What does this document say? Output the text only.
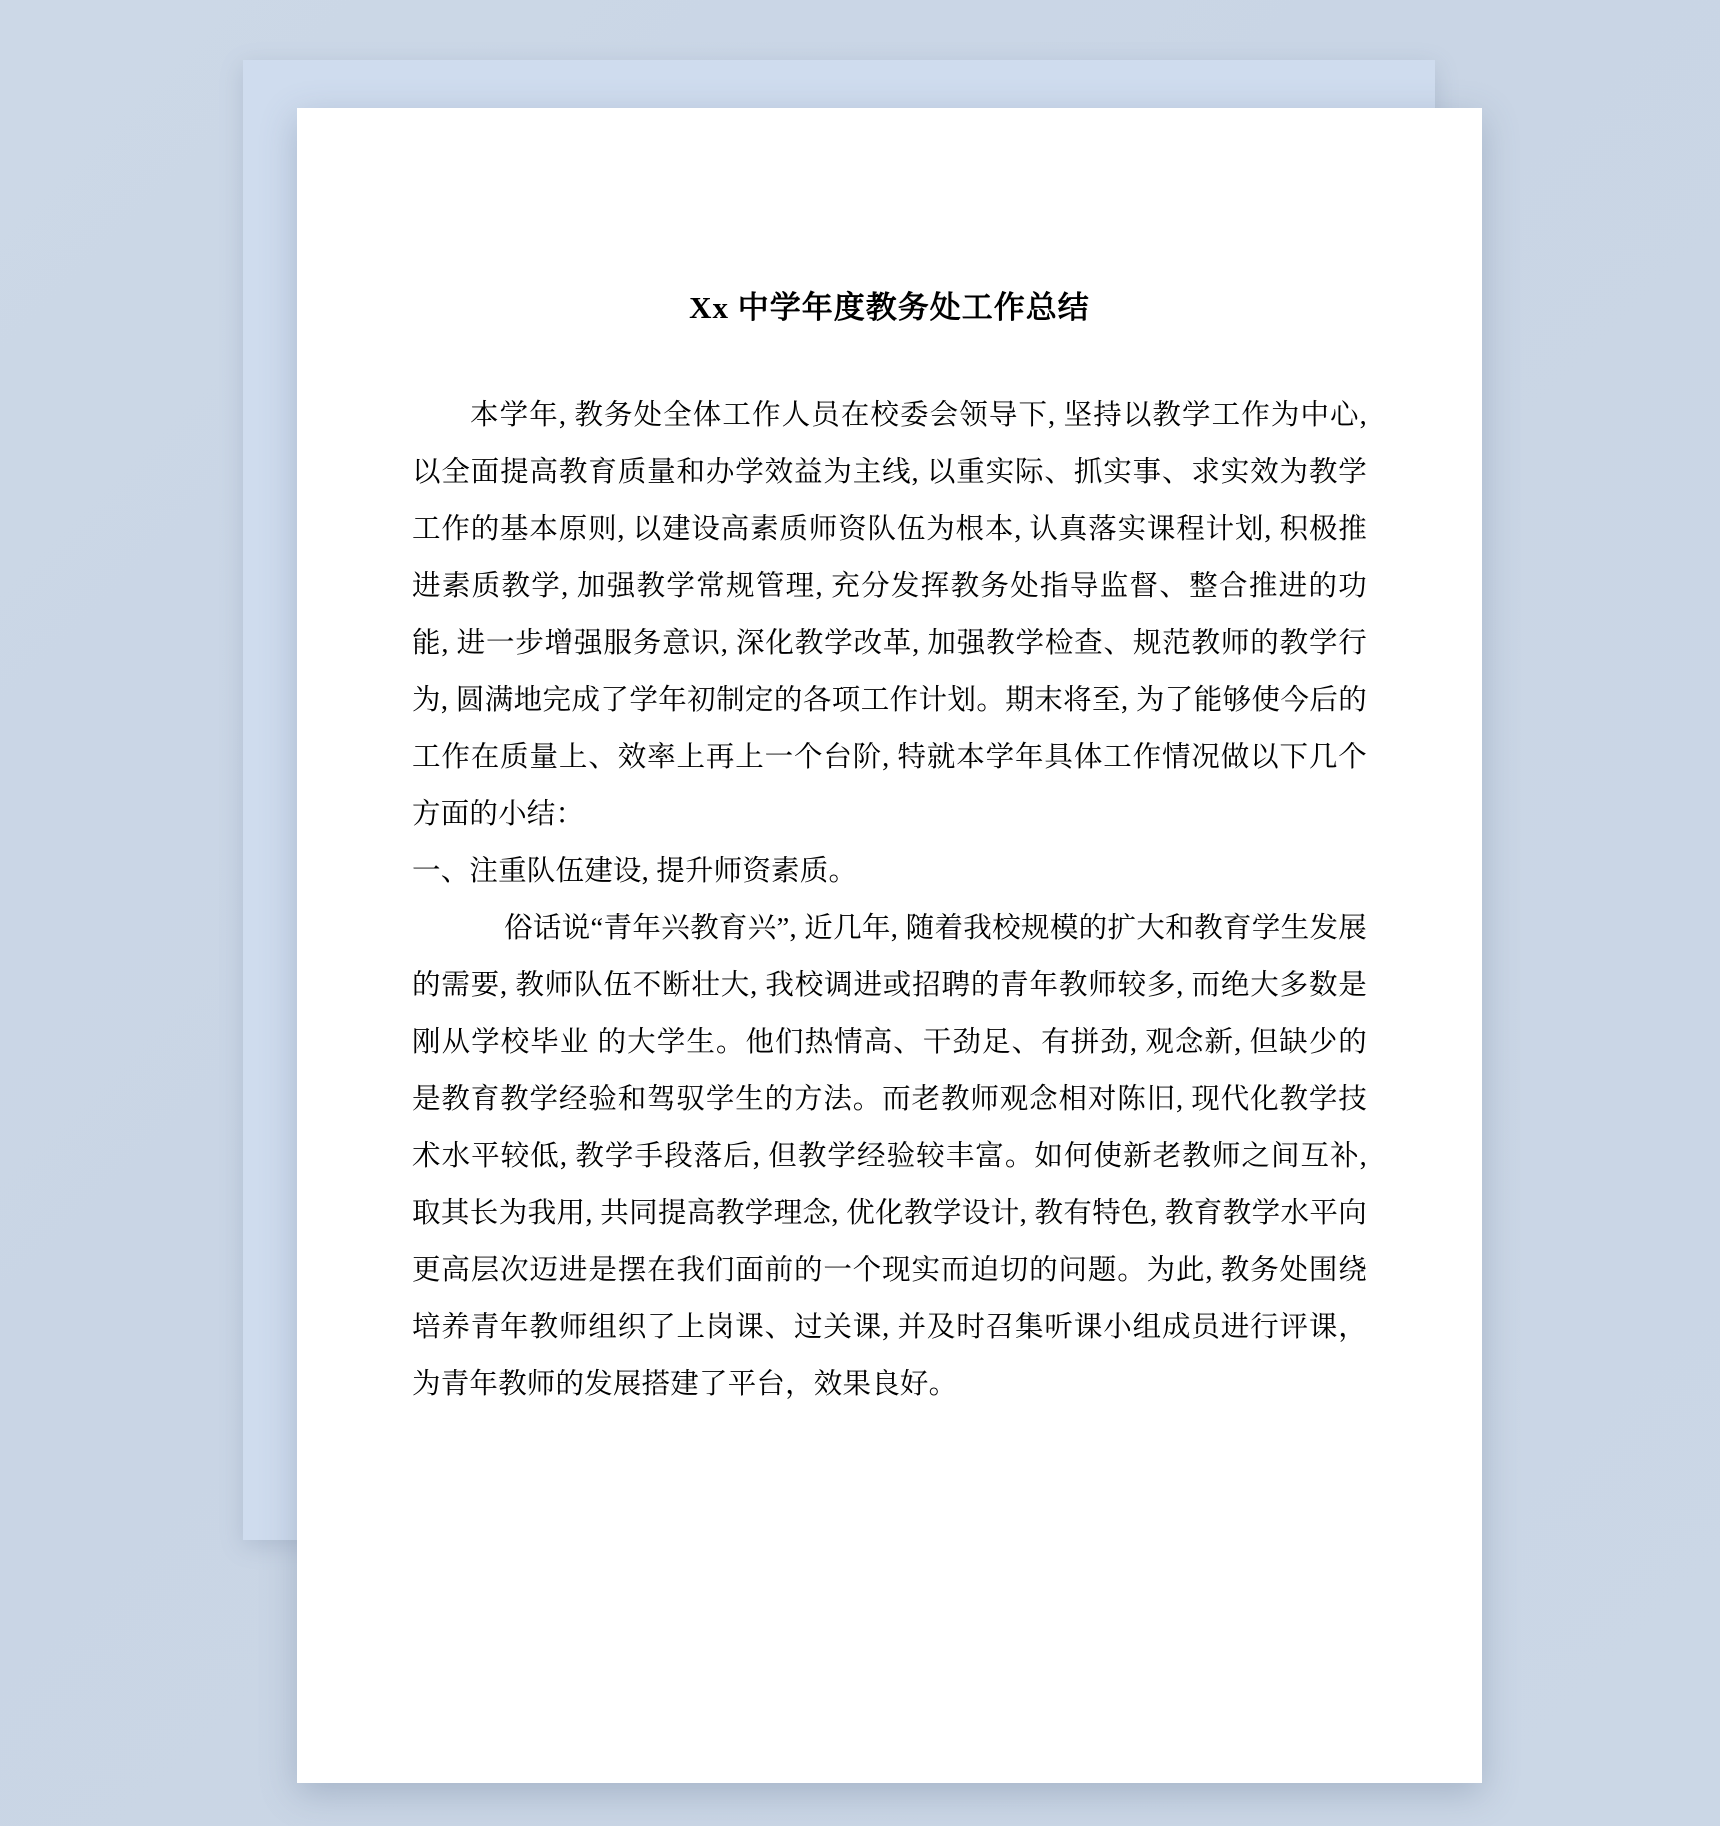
Xx 中学年度教务处工作总结

本学年, 教务处全体工作人员在校委会领导下, 坚持以教学工作为中心, 以全面提高教育质量和办学效益为主线, 以重实际、抓实事、求实效为教学工作的基本原则, 以建设高素质师资队伍为根本, 认真落实课程计划, 积极推进素质教学, 加强教学常规管理, 充分发挥教务处指导监督、整合推进的功能, 进一步增强服务意识, 深化教学改革, 加强教学检查、规范教师的教学行为, 圆满地完成了学年初制定的各项工作计划。期末将至, 为了能够使今后的工作在质量上、效率上再上一个台阶, 特就本学年具体工作情况做以下几个方面的小结：

一、注重队伍建设, 提升师资素质。

俗话说“青年兴教育兴”, 近几年, 随着我校规模的扩大和教育学生发展的需要, 教师队伍不断壮大, 我校调进或招聘的青年教师较多, 而绝大多数是刚从学校毕业 的大学生。他们热情高、干劲足、有拼劲, 观念新, 但缺少的是教育教学经验和驾驭学生的方法。而老教师观念相对陈旧, 现代化教学技术水平较低, 教学手段落后, 但教学经验较丰富。如何使新老教师之间互补, 取其长为我用, 共同提高教学理念, 优化教学设计, 教有特色, 教育教学水平向更高层次迈进是摆在我们面前的一个现实而迫切的问题。为此, 教务处围绕培养青年教师组织了上岗课、过关课, 并及时召集听课小组成员进行评课，为青年教师的发展搭建了平台，效果良好。
